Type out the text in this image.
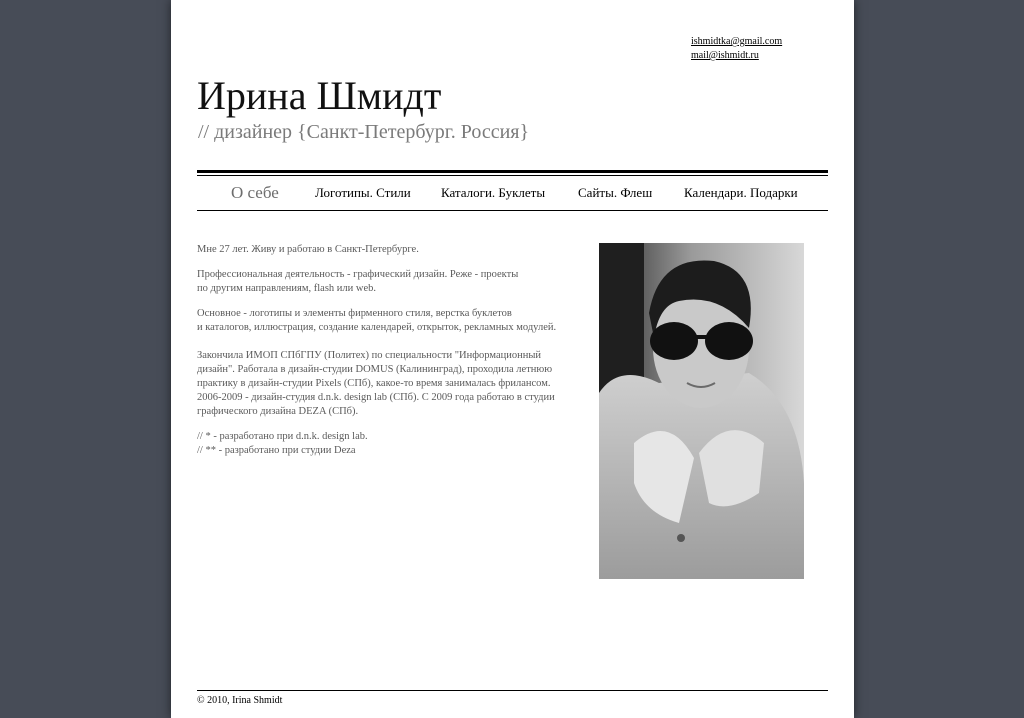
ishmidtka@gmail.com
mail@ishmidt.ru
Ирина Шмидт
// дизайнер {Санкт-Петербург. Россия}
О себе	Логотипы. Стили Каталоги. Буклеты	Сайты. Флеш Календари. Подарки

Мне 27 лет. Живу и работаю в Санкт-Петербурге.

Профессиональная деятельность - графический дизайн. Реже - проекты
по другим направлениям, flash или web.

Основное - логотипы и элементы фирменного стиля, верстка буклетов
и каталогов, иллюстрация, создание календарей, открыток, рекламных модулей.

Закончила ИМОП СПбГПУ (Политех) по специальности "Информационный
дизайн". Работала в дизайн-студии DOMUS (Калининград), проходила летнюю
практику в дизайн-студии Pixels (СПб), какое-то время занималась фрилансом.
2006-2009 - дизайн-студия d.n.k. design lab (СПб). С 2009 года работаю в студии
графического дизайна DEZA (СПб).

// * - разработано при d.n.k. design lab.

// ** - разработано при студии Deza

© 2010, Irina Shmidt
